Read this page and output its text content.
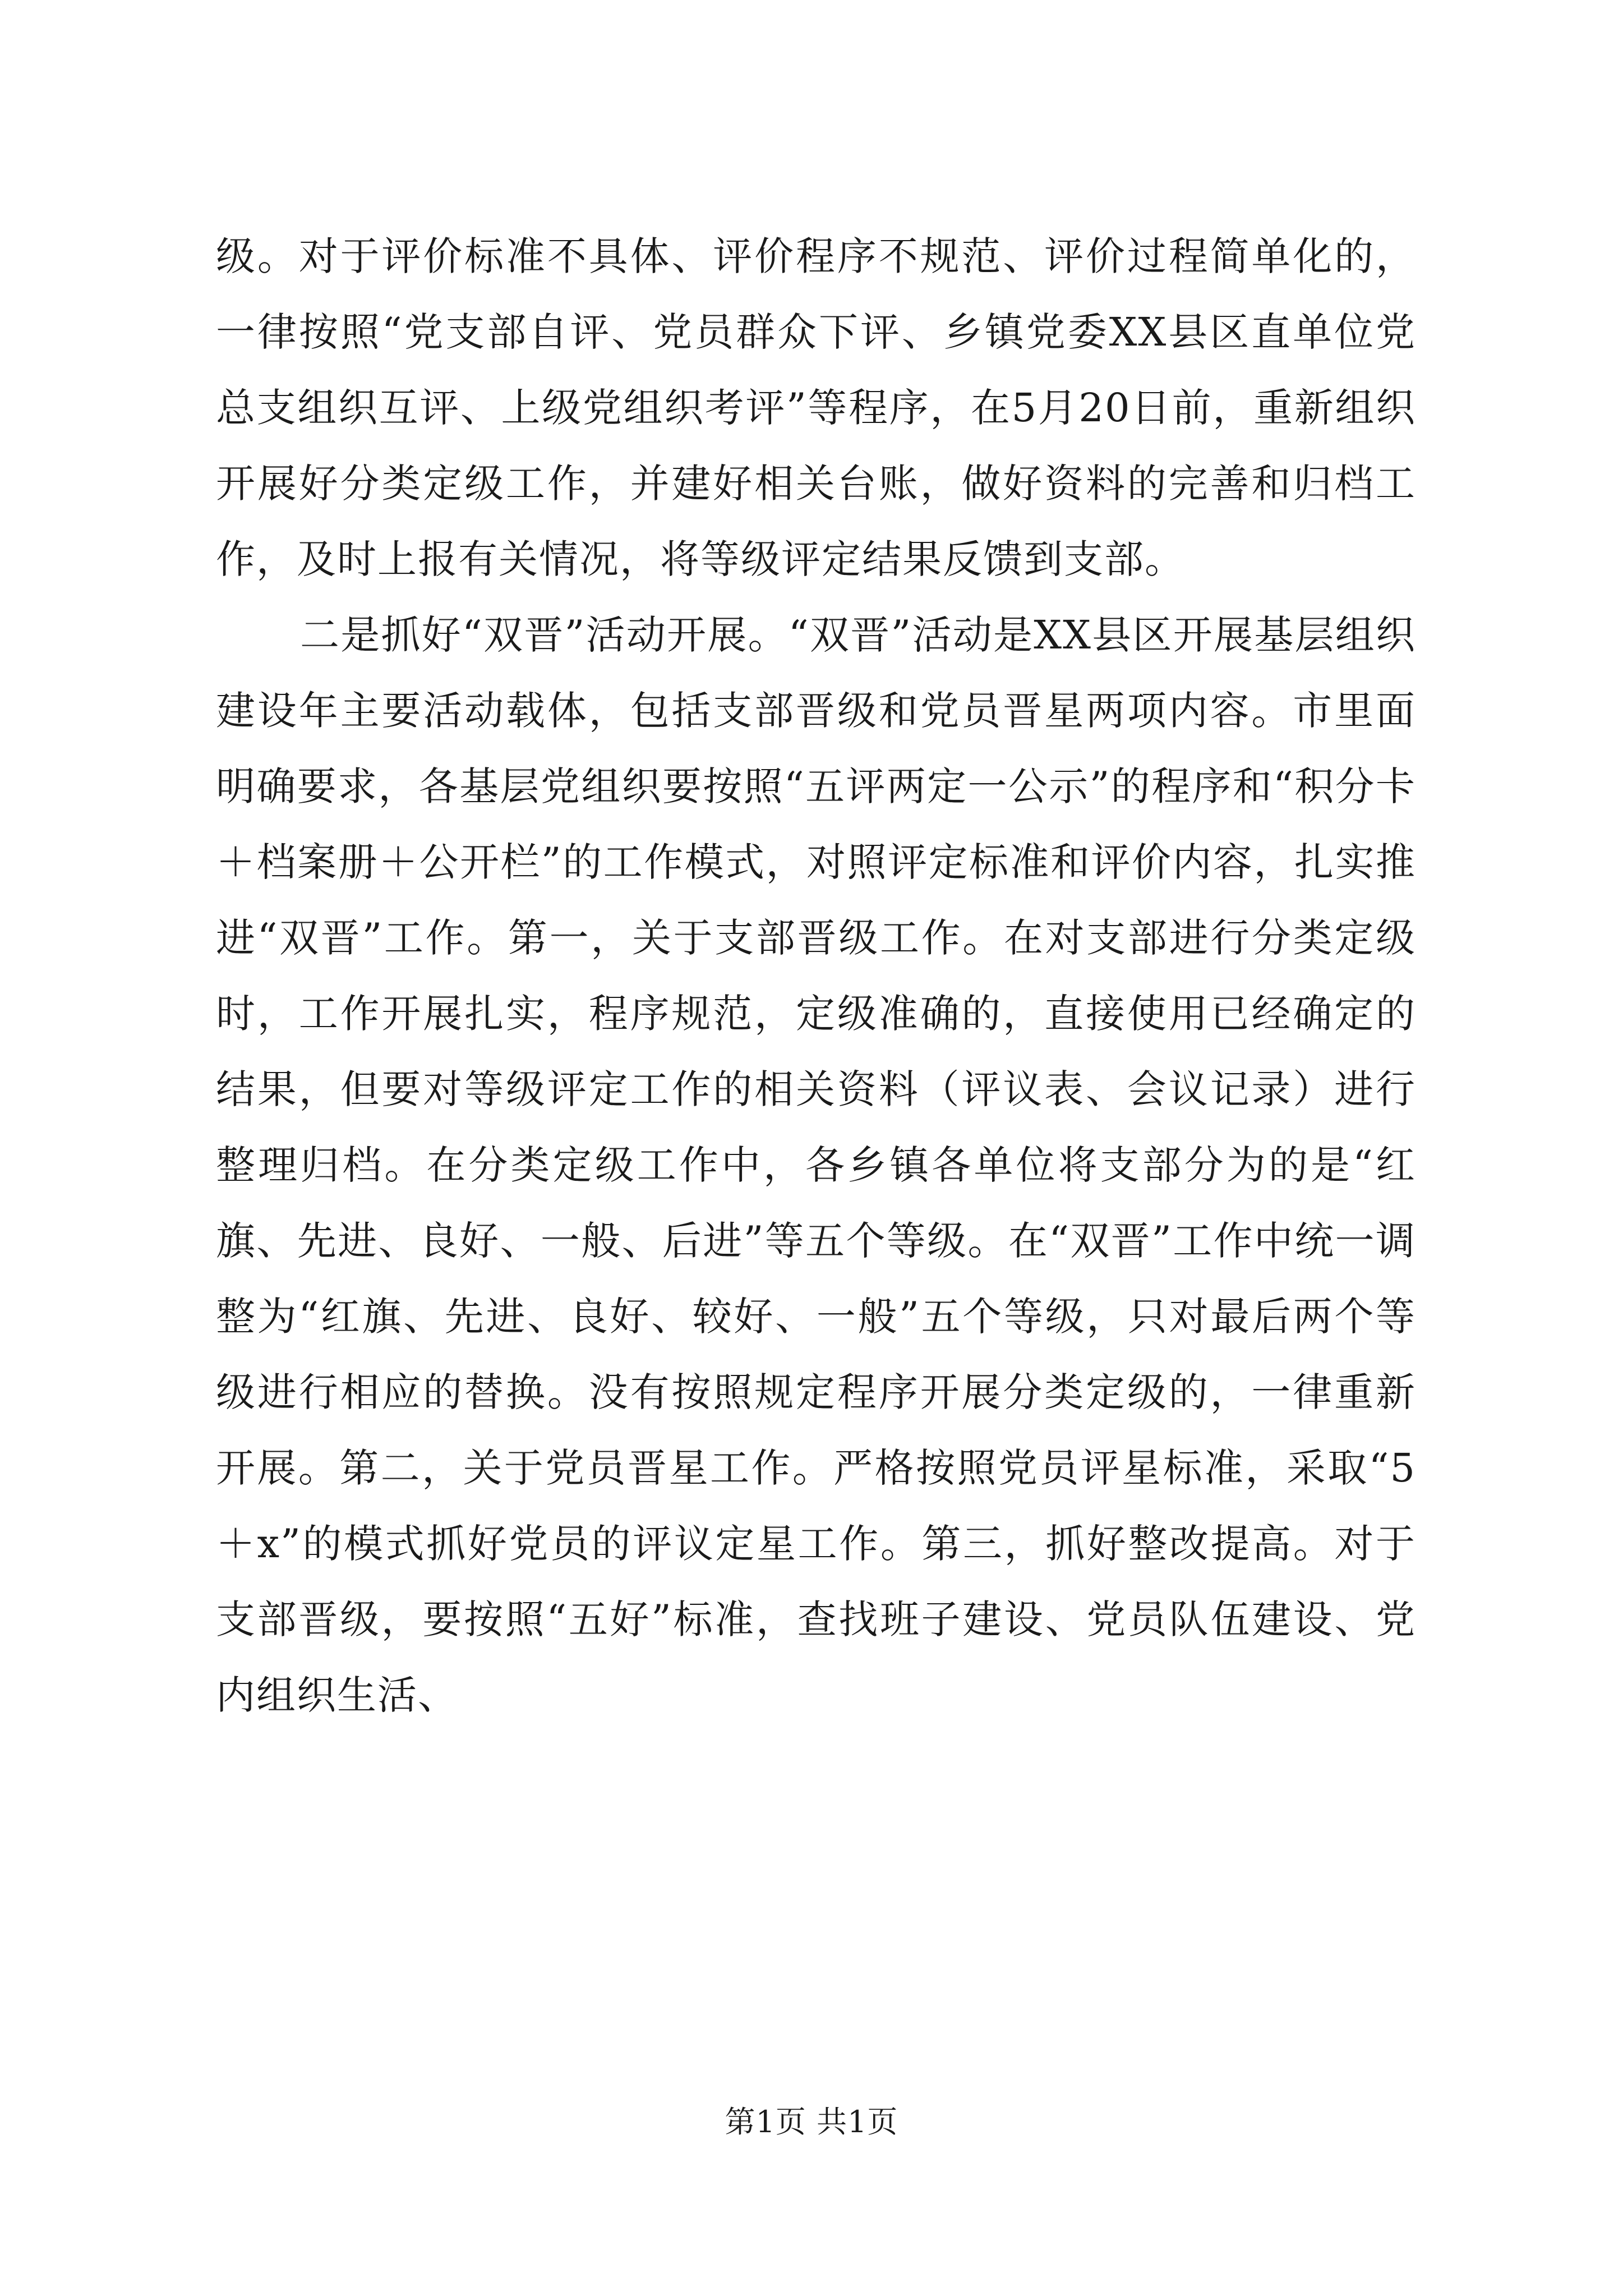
级。对于评价标准不具体、评价程序不规范、评价过程简单化的，一律按照“党支部自评、党员群众下评、乡镇党委XX县区直单位党总支组织互评、上级党组织考评”等程序，在5月20日前，重新组织开展好分类定级工作，并建好相关台账，做好资料的完善和归档工作，及时上报有关情况，将等级评定结果反馈到支部。

二是抓好“双晋”活动开展。“双晋”活动是XX县区开展基层组织建设年主要活动载体，包括支部晋级和党员晋星两项内容。市里面明确要求，各基层党组织要按照“五评两定一公示”的程序和“积分卡＋档案册＋公开栏”的工作模式，对照评定标准和评价内容，扎实推进“双晋”工作。第一，关于支部晋级工作。在对支部进行分类定级时，工作开展扎实，程序规范，定级准确的，直接使用已经确定的结果，但要对等级评定工作的相关资料（评议表、会议记录）进行整理归档。在分类定级工作中，各乡镇各单位将支部分为的是“红旗、先进、良好、一般、后进”等五个等级。在“双晋”工作中统一调整为“红旗、先进、良好、较好、一般”五个等级，只对最后两个等级进行相应的替换。没有按照规定程序开展分类定级的，一律重新开展。第二，关于党员晋星工作。严格按照党员评星标准，采取“5＋x”的模式抓好党员的评议定星工作。第三，抓好整改提高。对于支部晋级，要按照“五好”标准，查找班子建设、党员队伍建设、党内组织生活、

第1页 共1页
